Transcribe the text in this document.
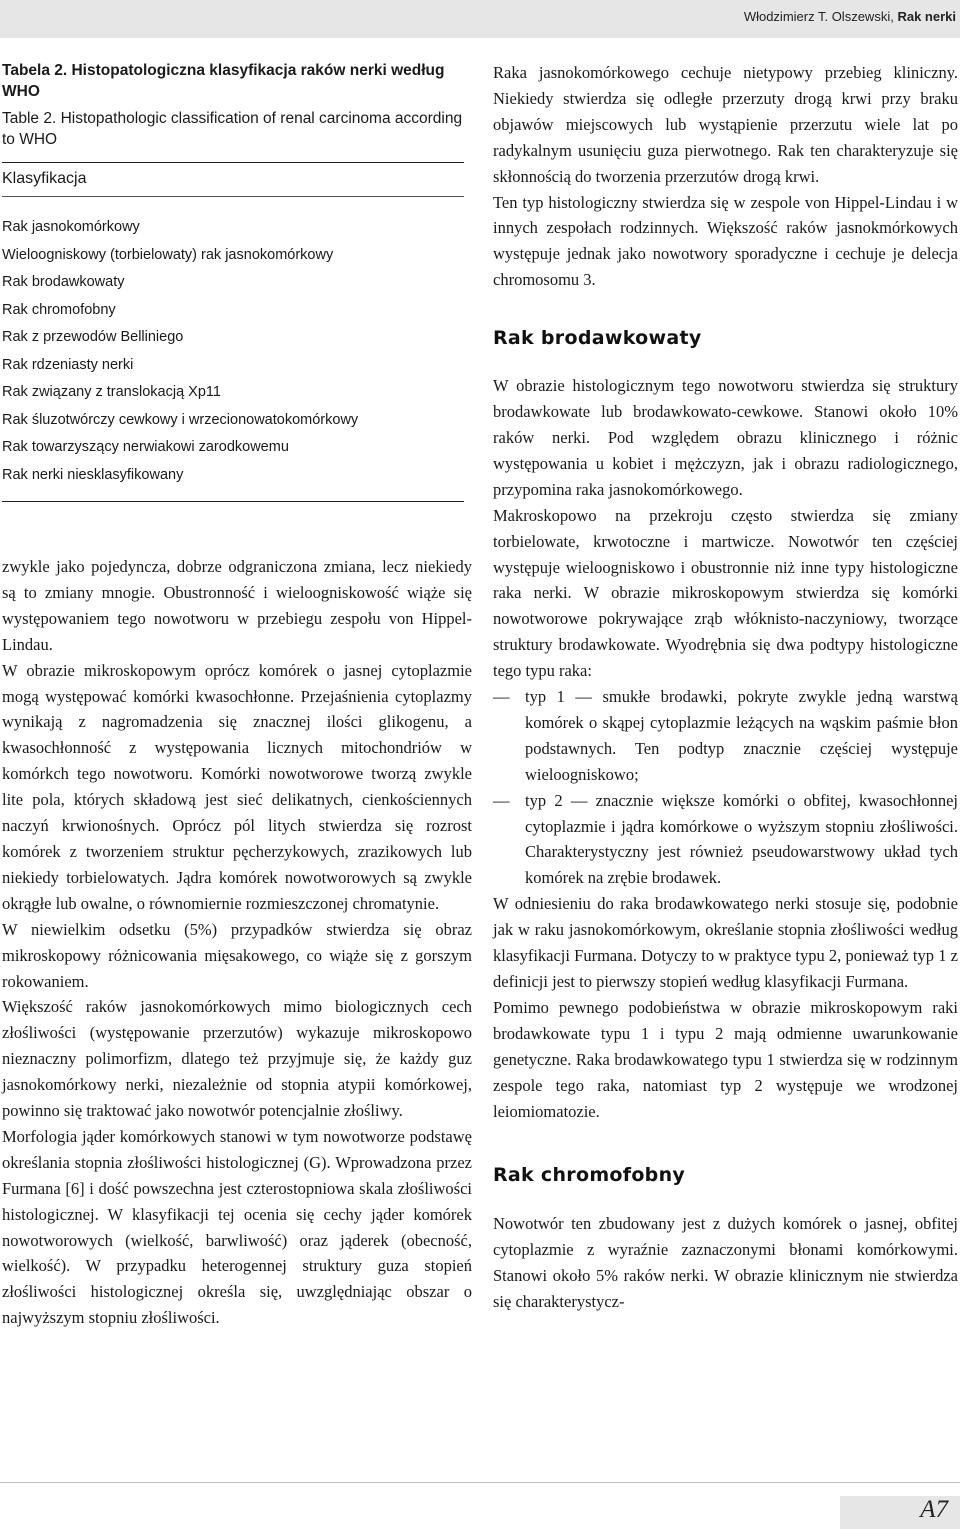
Włodzimierz T. Olszewski, Rak nerki
Tabela 2. Histopatologiczna klasyfikacja raków nerki według WHO
Table 2. Histopathologic classification of renal carcinoma according to WHO
Klasyfikacja
Rak jasnokomórkowy
Wieloogniskowy (torbielowaty) rak jasnokomórkowy
Rak brodawkowaty
Rak chromofobny
Rak z przewodów Belliniego
Rak rdzeniasty nerki
Rak związany z translokacją Xp11
Rak śluzotwórczy cewkowy i wrzecionowatokomórkowy
Rak towarzyszący nerwiakowi zarodkowemu
Rak nerki niesklasyfikowany

zwykle jako pojedyncza, dobrze odgraniczona zmiana, lecz niekiedy są to zmiany mnogie. Obustronność i wieloogniskowość wiąże się występowaniem tego nowotworu w przebiegu zespołu von Hippel-Lindau.

W obrazie mikroskopowym oprócz komórek o jasnej cytoplazmie mogą występować komórki kwasochłonne. Przejaśnienia cytoplazmy wynikają z nagromadzenia się znacznej ilości glikogenu, a kwasochłonność z występowania licznych mitochondriów w komórkch tego nowotworu. Komórki nowotworowe tworzą zwykle lite pola, których składową jest sieć delikatnych, cienkościennych naczyń krwionośnych. Oprócz pól litych stwierdza się rozrost komórek z tworzeniem struktur pęcherzykowych, zrazikowych lub niekiedy torbielowatych. Jądra komórek nowotworowych są zwykle okrągłe lub owalne, o równomiernie rozmieszczonej chromatynie.

W niewielkim odsetku (5%) przypadków stwierdza się obraz mikroskopowy różnicowania mięsakowego, co wiąże się z gorszym rokowaniem.

Większość raków jasnokomórkowych mimo biologicznych cech złośliwości (występowanie przerzutów) wykazuje mikroskopowo nieznaczny polimorfizm, dlatego też przyjmuje się, że każdy guz jasnokomórkowy nerki, niezależnie od stopnia atypii komórkowej, powinno się traktować jako nowotwór potencjalnie złośliwy.

Morfologia jąder komórkowych stanowi w tym nowotworze podstawę określania stopnia złośliwości histologicznej (G). Wprowadzona przez Furmana [6] i dość powszechna jest czterostopniowa skala złośliwości histologicznej. W klasyfikacji tej ocenia się cechy jąder komórek nowotworowych (wielkość, barwliwość) oraz jąderek (obecność, wielkość). W przypadku heterogennej struktury guza stopień złośliwości histologicznej określa się, uwzględniając obszar o najwyższym stopniu złośliwości.

Raka jasnokomórkowego cechuje nietypowy przebieg kliniczny. Niekiedy stwierdza się odległe przerzuty drogą krwi przy braku objawów miejscowych lub wystąpienie przerzutu wiele lat po radykalnym usunięciu guza pierwotnego. Rak ten charakteryzuje się skłonnością do tworzenia przerzutów drogą krwi.

Ten typ histologiczny stwierdza się w zespole von Hippel-Lindau i w innych zespołach rodzinnych. Większość raków jasnokmórkowych występuje jednak jako nowotwory sporadyczne i cechuje je delecja chromosomu 3.

Rak brodawkowaty

W obrazie histologicznym tego nowotworu stwierdza się struktury brodawkowate lub brodawkowato-cewkowe. Stanowi około 10% raków nerki. Pod względem obrazu klinicznego i różnic występowania u kobiet i mężczyzn, jak i obrazu radiologicznego, przypomina raka jasnokomórkowego.

Makroskopowo na przekroju często stwierdza się zmiany torbielowate, krwotoczne i martwicze. Nowotwór ten częściej występuje wieloogniskowo i obustronnie niż inne typy histologiczne raka nerki. W obrazie mikroskopowym stwierdza się komórki nowotworowe pokrywające zrąb włóknisto-naczyniowy, tworzące struktury brodawkowate. Wyodrębnia się dwa podtypy histologiczne tego typu raka:

— typ 1 — smukłe brodawki, pokryte zwykle jedną warstwą komórek o skąpej cytoplazmie leżących na wąskim paśmie błon podstawnych. Ten podtyp znacznie częściej występuje wieloogniskowo;
— typ 2 — znacznie większe komórki o obfitej, kwasochłonnej cytoplazmie i jądra komórkowe o wyższym stopniu złośliwości. Charakterystyczny jest również pseudowarstwowy układ tych komórek na zrębie brodawek.

W odniesieniu do raka brodawkowatego nerki stosuje się, podobnie jak w raku jasnokomórkowym, określanie stopnia złośliwości według klasyfikacji Furmana. Dotyczy to w praktyce typu 2, ponieważ typ 1 z definicji jest to pierwszy stopień według klasyfikacji Furmana.

Pomimo pewnego podobieństwa w obrazie mikroskopowym raki brodawkowate typu 1 i typu 2 mają odmienne uwarunkowanie genetyczne. Raka brodawkowatego typu 1 stwierdza się w rodzinnym zespole tego raka, natomiast typ 2 występuje we wrodzonej leiomiomatozie.

Rak chromofobny

Nowotwór ten zbudowany jest z dużych komórek o jasnej, obfitej cytoplazmie z wyraźnie zaznaczonymi błonami komórkowymi. Stanowi około 5% raków nerki. W obrazie klinicznym nie stwierdza się charakterystycz-

A7
